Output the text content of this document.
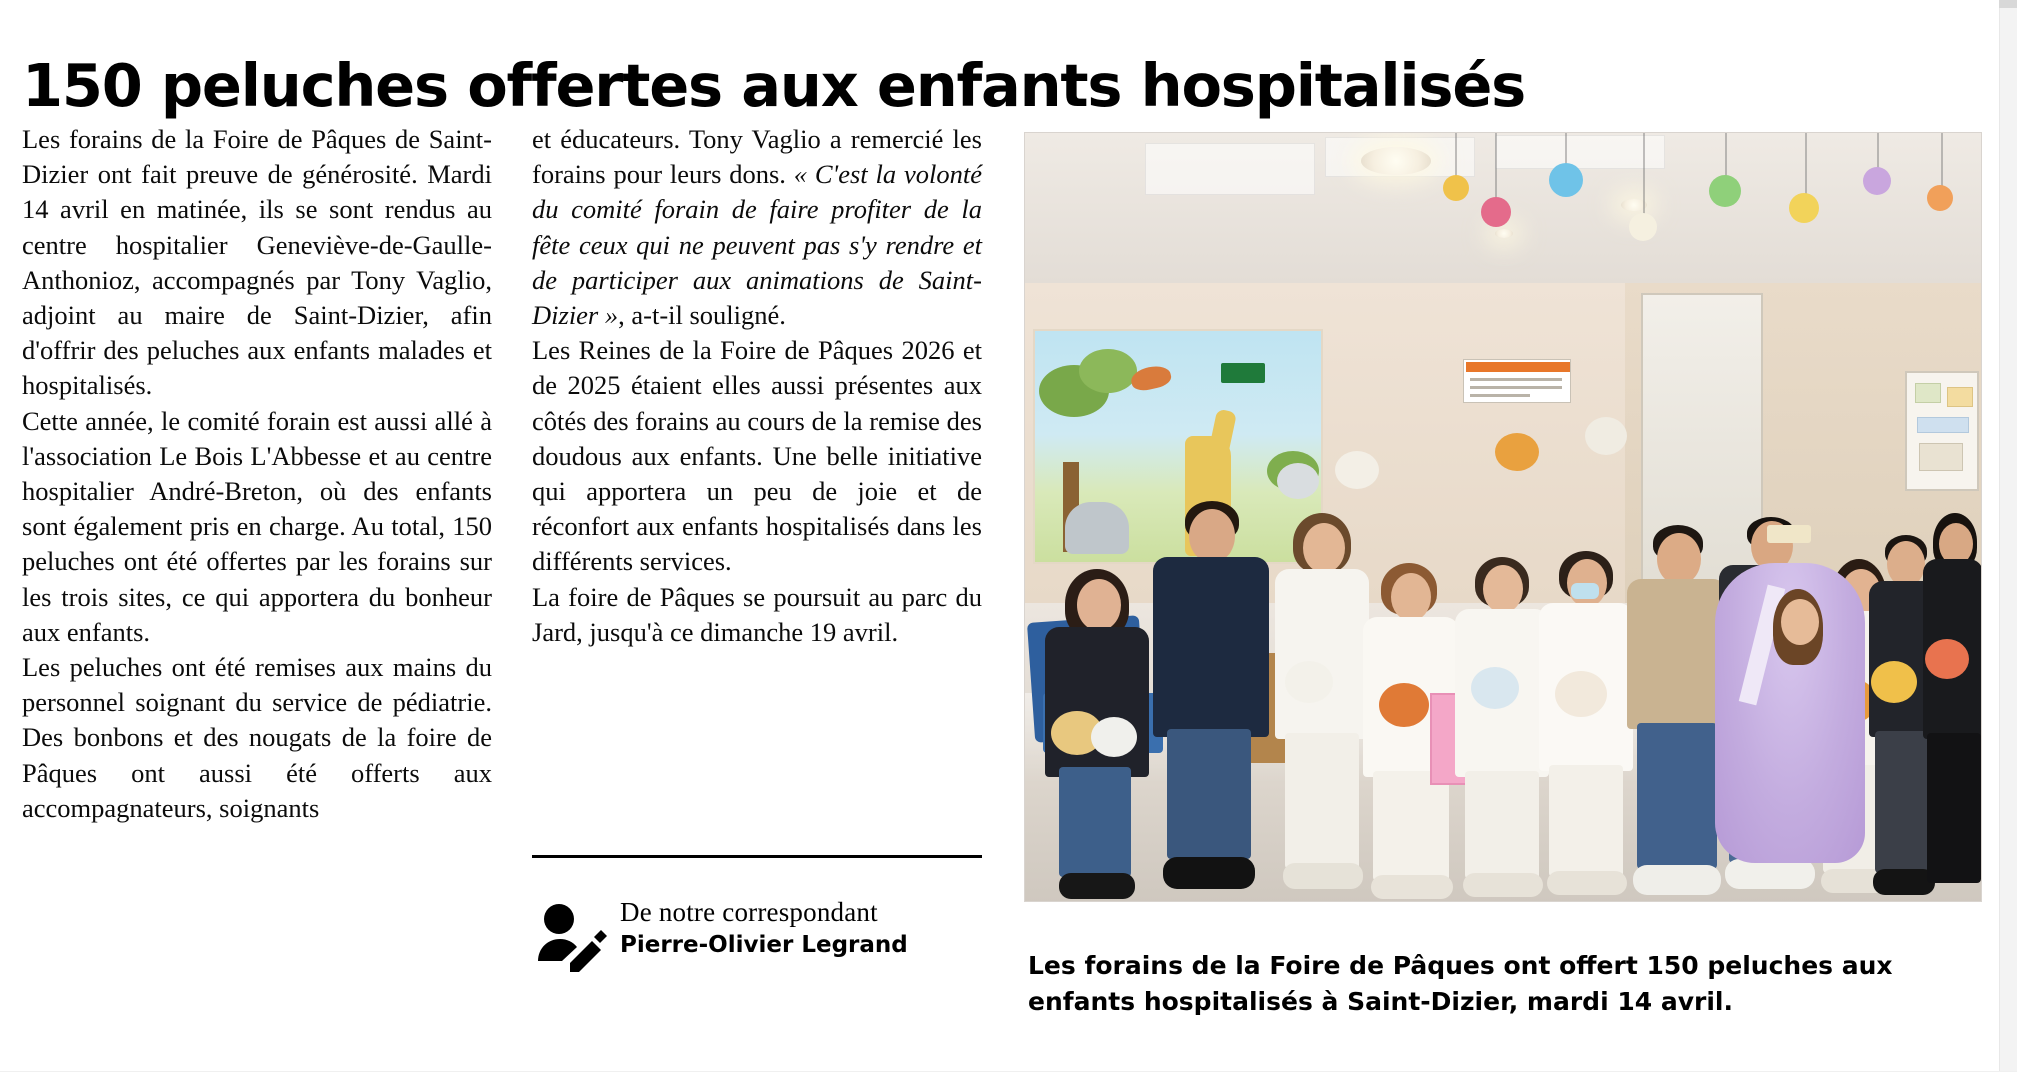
150 peluches offertes aux enfants hospitalisés

Les forains de la Foire de Pâques de Saint-Dizier ont fait preuve de générosité. Mardi 14 avril en matinée, ils se sont rendus au centre hospitalier Geneviève-de-Gaulle-Anthonioz, accompagnés par Tony Vaglio, adjoint au maire de Saint-Dizier, afin d'offrir des peluches aux enfants malades et hospitalisés.

Cette année, le comité forain est aussi allé à l'association Le Bois L'Abbesse et au centre hospitalier André-Breton, où des enfants sont également pris en charge. Au total, 150 peluches ont été offertes par les forains sur les trois sites, ce qui apportera du bonheur aux enfants.

Les peluches ont été remises aux mains du personnel soignant du service de pédiatrie. Des bonbons et des nougats de la foire de Pâques ont aussi été offerts aux accompagnateurs, soignants

et éducateurs. Tony Vaglio a remercié les forains pour leurs dons. « C'est la volonté du comité forain de faire profiter de la fête ceux qui ne peuvent pas s'y rendre et de participer aux animations de Saint-Dizier », a-t-il souligné.

Les Reines de la Foire de Pâques 2026 et de 2025 étaient elles aussi présentes aux côtés des forains au cours de la remise des doudous aux enfants. Une belle initiative qui apportera un peu de joie et de réconfort aux enfants hospitalisés dans les différents services.

La foire de Pâques se poursuit au parc du Jard, jusqu'à ce dimanche 19 avril.

De notre correspondant
Pierre-Olivier Legrand
Les forains de la Foire de Pâques ont offert 150 peluches aux enfants hospitalisés à Saint-Dizier, mardi 14 avril.
